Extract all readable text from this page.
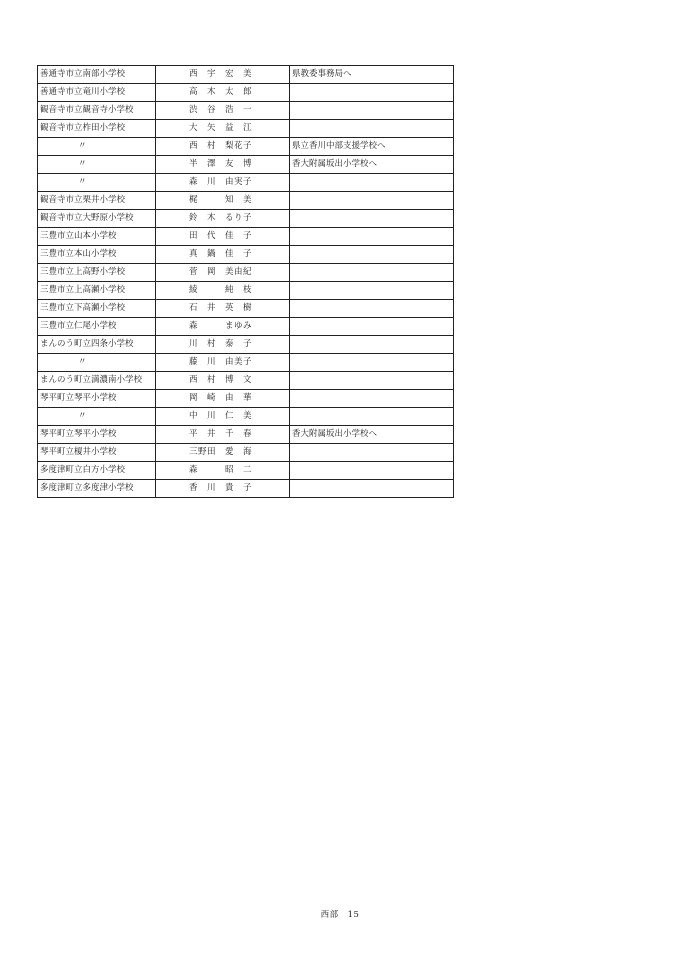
善通寺市立南部小学校	西　宇　宏　美	県教委事務局へ
善通寺市立竜川小学校	高　木　太　郎	
観音寺市立観音寺小学校	渋　谷　浩　一	
観音寺市立柞田小学校	大　矢　益　江	
〃	西　村　梨花子	県立香川中部支援学校へ
〃	半　澤　友　博	香大附属坂出小学校へ
〃	森　川　由実子	
観音寺市立栗井小学校	梶　　　知　美	
観音寺市立大野原小学校	鈴　木　るり子	
三豊市立山本小学校	田　代　佳　子	
三豊市立本山小学校	真　鍋　佳　子	
三豊市立上高野小学校	菅　岡　美由紀	
三豊市立上高瀬小学校	綾　　　純　枝	
三豊市立下高瀬小学校	石　井　英　樹	
三豊市立仁尾小学校	森　　　まゆみ	
まんのう町立四条小学校	川　村　泰　子	
〃	藤　川　由美子	
まんのう町立満濃南小学校	西　村　博　文	
琴平町立琴平小学校	岡　崎　由　華	
〃	中　川　仁　美	
琴平町立琴平小学校	平　井　千　春	香大附属坂出小学校へ
琴平町立榎井小学校	三野田　愛　海	
多度津町立白方小学校	森　　　昭　二	
多度津町立多度津小学校	香　川　貴　子	
西部　15
